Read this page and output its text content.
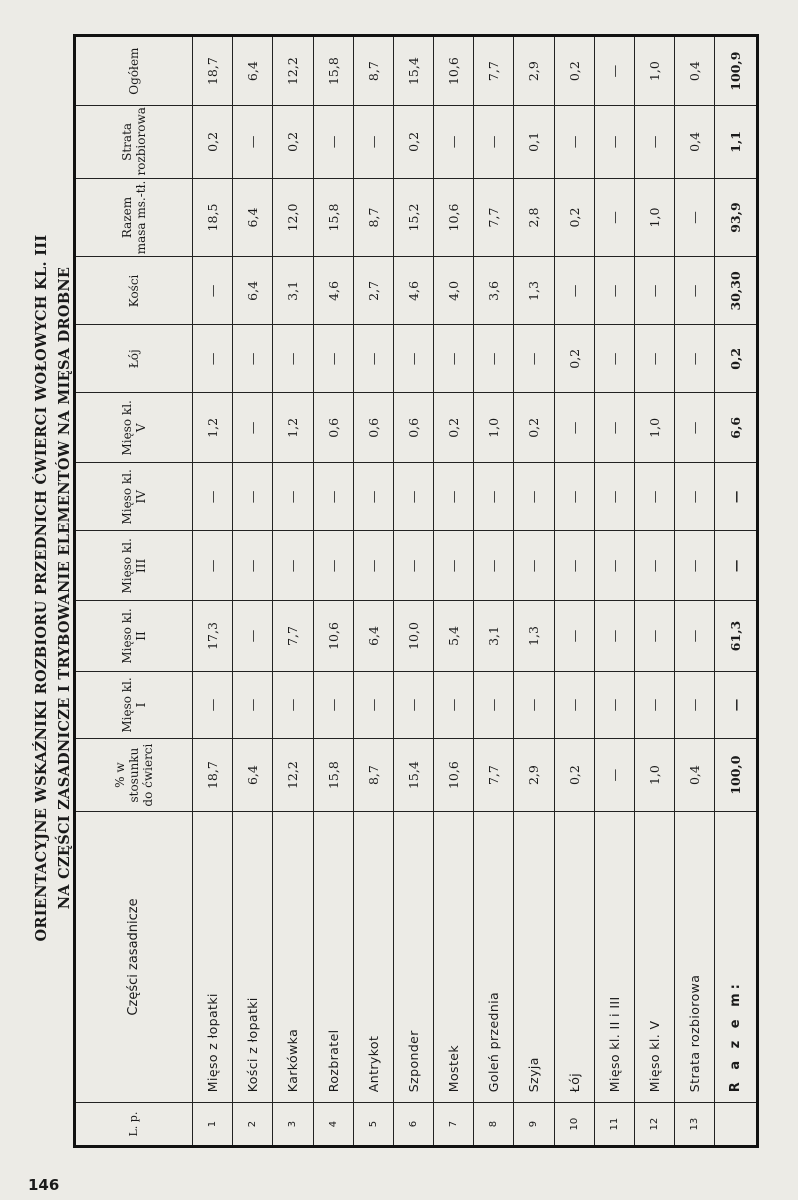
ORIENTACYJNE WSKAŹNIKI ROZBIORU PRZEDNICH ĆWIERCI WOŁOWYCH KL. III NA CZĘŚCI ZASADNICZE I TRYBOWANIE ELEMENTÓW NA MIĘSA DROBNE
L. p.	Części zasadnicze	% w stosunku do ćwierci	Mięso kl. I	Mięso kl. II	Mięso kl. III	Mięso kl. IV	Mięso kl. V	Łój	Kości	Razem masa ms.-tł.	Strata rozbiorowa	Ogółem
1	Mięso z łopatki	18,7	—	17,3	—	—	1,2	—	—	18,5	0,2	18,7
2	Kości z łopatki	6,4	—	—	—	—	—	—	6,4	6,4	—	6,4
3	Karkówka	12,2	—	7,7	—	—	1,2	—	3,1	12,0	0,2	12,2
4	Rozbratel	15,8	—	10,6	—	—	0,6	—	4,6	15,8	—	15,8
5	Antrykot	8,7	—	6,4	—	—	0,6	—	2,7	8,7	—	8,7
6	Szponder	15,4	—	10,0	—	—	0,6	—	4,6	15,2	0,2	15,4
7	Mostek	10,6	—	5,4	—	—	0,2	—	4,0	10,6	—	10,6
8	Goleń przednia	7,7	—	3,1	—	—	1,0	—	3,6	7,7	—	7,7
9	Szyja	2,9	—	1,3	—	—	0,2	—	1,3	2,8	0,1	2,9
10	Łój	0,2	—	—	—	—	—	0,2	—	0,2	—	0,2
11	Mięso kl. II i III	—	—	—	—	—	—	—	—	—	—	—
12	Mięso kl. V	1,0	—	—	—	—	1,0	—	—	1,0	—	1,0
13	Strata rozbiorowa	0,4	—	—	—	—	—	—	—	—	0,4	0,4
	R a z e m:	100,0	—	61,3	—	—	6,6	0,2	30,30	93,9	1,1	100,9
146
